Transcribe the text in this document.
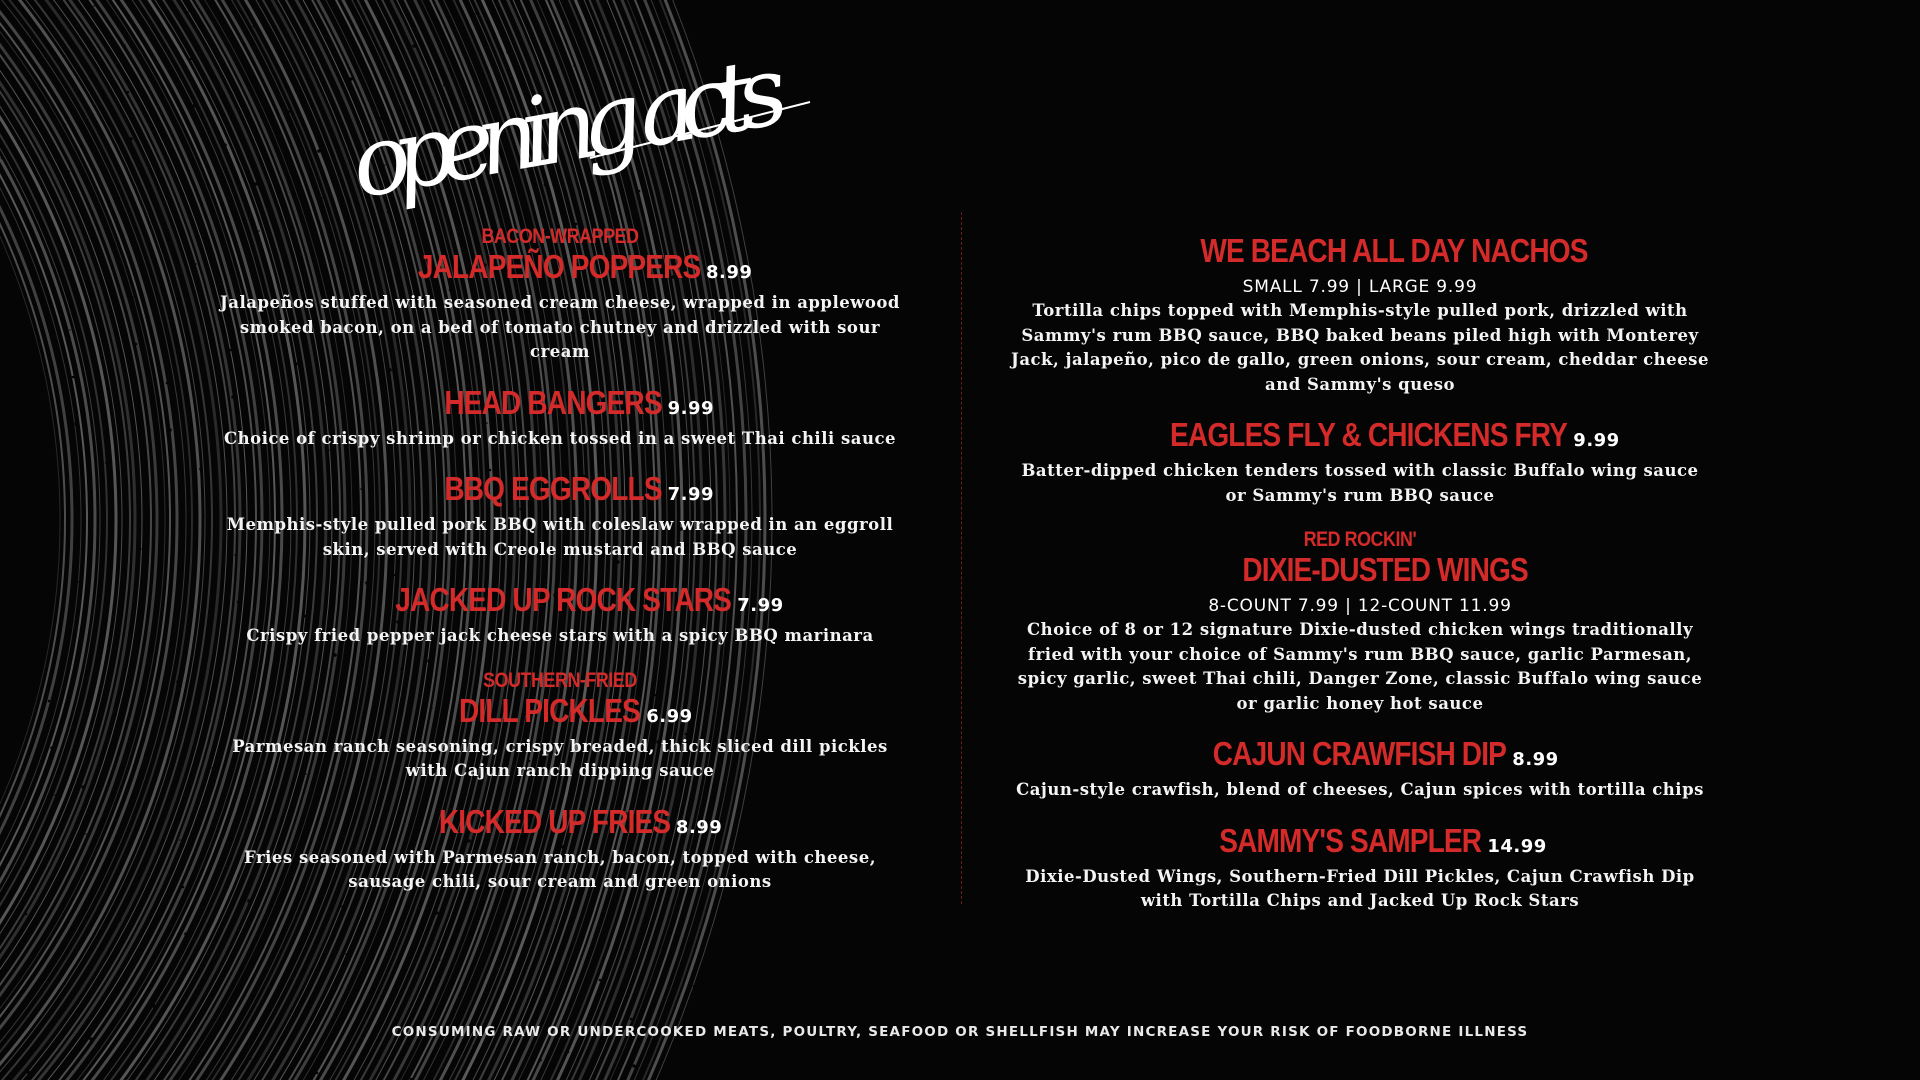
opening acts
BACON-WRAPPED
JALAPEÑO POPPERS 8.99
Jalapeños stuffed with seasoned cream cheese, wrapped in applewood smoked bacon, on a bed of tomato chutney and drizzled with sour cream
HEAD BANGERS 9.99
Choice of crispy shrimp or chicken tossed in a sweet Thai chili sauce
BBQ EGGROLLS 7.99
Memphis-style pulled pork BBQ with coleslaw wrapped in an eggroll skin, served with Creole mustard and BBQ sauce
JACKED UP ROCK STARS 7.99
Crispy fried pepper jack cheese stars with a spicy BBQ marinara
SOUTHERN-FRIED
DILL PICKLES 6.99
Parmesan ranch seasoning, crispy breaded, thick sliced dill pickles with Cajun ranch dipping sauce
KICKED UP FRIES 8.99
Fries seasoned with Parmesan ranch, bacon, topped with cheese, sausage chili, sour cream and green onions
WE BEACH ALL DAY NACHOS
SMALL 7.99 | LARGE 9.99
Tortilla chips topped with Memphis-style pulled pork, drizzled with Sammy's rum BBQ sauce, BBQ baked beans piled high with Monterey Jack, jalapeño, pico de gallo, green onions, sour cream, cheddar cheese and Sammy's queso
EAGLES FLY & CHICKENS FRY 9.99
Batter-dipped chicken tenders tossed with classic Buffalo wing sauce or Sammy's rum BBQ sauce
RED ROCKIN'
DIXIE-DUSTED WINGS
8-COUNT 7.99 | 12-COUNT 11.99
Choice of 8 or 12 signature Dixie-dusted chicken wings traditionally fried with your choice of Sammy's rum BBQ sauce, garlic Parmesan, spicy garlic, sweet Thai chili, Danger Zone, classic Buffalo wing sauce or garlic honey hot sauce
CAJUN CRAWFISH DIP 8.99
Cajun-style crawfish, blend of cheeses, Cajun spices with tortilla chips
SAMMY'S SAMPLER 14.99
Dixie-Dusted Wings, Southern-Fried Dill Pickles, Cajun Crawfish Dip with Tortilla Chips and Jacked Up Rock Stars
CONSUMING RAW OR UNDERCOOKED MEATS, POULTRY, SEAFOOD OR SHELLFISH MAY INCREASE YOUR RISK OF FOODBORNE ILLNESS
